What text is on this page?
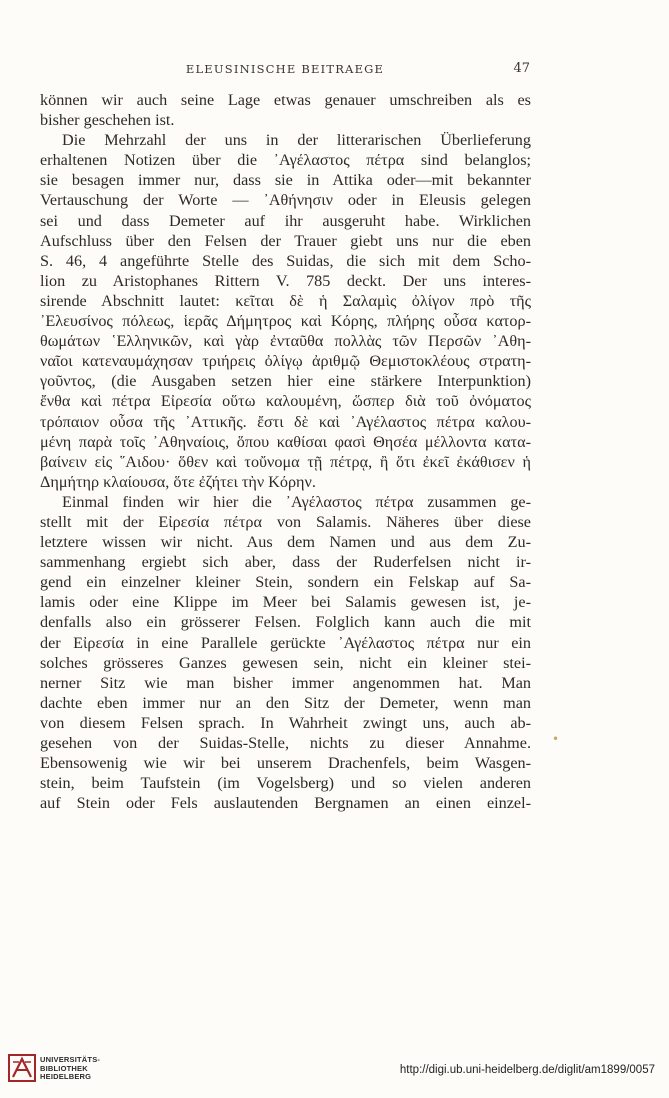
ELEUSINISCHE BEITRAEGE	47
können wir auch seine Lage etwas genauer umschreiben als es
bisher geschehen ist.
Die Mehrzahl der uns in der litterarischen Überlieferung
erhaltenen Notizen über die ᾿Αγέλαστος πέτρα sind belanglos;
sie besagen immer nur, dass sie in Attika oder—mit bekannter
Vertauschung der Worte — ᾿Αθήνησιν oder in Eleusis gelegen
sei und dass Demeter auf ihr ausgeruht habe. Wirklichen
Aufschluss über den Felsen der Trauer giebt uns nur die eben
S. 46, 4 angeführte Stelle des Suidas, die sich mit dem Scho-
lion zu Aristophanes Rittern V. 785 deckt. Der uns interes-
sirende Abschnitt lautet: κεῖται δὲ ἡ Σαλαμὶς ὀλίγον πρὸ τῆς
᾿Ελευσίνος πόλεως, ἱερᾶς Δήμητρος καὶ Κόρης, πλήρης οὖσα κατορ-
θωμάτων ῾Ελληνικῶν, καὶ γὰρ ἐνταῦθα πολλὰς τῶν Περσῶν ᾿Αθη-
ναῖοι κατεναυμάχησαν τριήρεις ὀλίγῳ ἀριθμῷ Θεμιστοκλέους στρατη-
γοῦντος, (die Ausgaben setzen hier eine stärkere Interpunktion)
ἔνθα καὶ πέτρα Εἰρεσία οὕτω καλουμένη, ὥσπερ διὰ τοῦ ὀνόματος
τρόπαιον οὖσα τῆς ᾿Αττικῆς. ἔστι δὲ καὶ ᾿Αγέλαστος πέτρα καλου-
μένη παρὰ τοῖς ᾿Αθηναίοις, ὅπου καθίσαι φασὶ Θησέα μέλλοντα κατα-
βαίνειν εἰς ῞Αιδου· ὅθεν καὶ τοὔνομα τῇ πέτρᾳ, ἢ ὅτι ἐκεῖ ἐκάθισεν ἡ
Δημήτηρ κλαίουσα, ὅτε ἐζήτει τὴν Κόρην.
Einmal finden wir hier die ᾿Αγέλαστος πέτρα zusammen ge-
stellt mit der Εἰρεσία πέτρα von Salamis. Näheres über diese
letztere wissen wir nicht. Aus dem Namen und aus dem Zu-
sammenhang ergiebt sich aber, dass der Ruderfelsen nicht ir-
gend ein einzelner kleiner Stein, sondern ein Felskap auf Sa-
lamis oder eine Klippe im Meer bei Salamis gewesen ist, je-
denfalls also ein grösserer Felsen. Folglich kann auch die mit
der Εἰρεσία in eine Parallele gerückte ᾿Αγέλαστος πέτρα nur ein
solches grösseres Ganzes gewesen sein, nicht ein kleiner stei-
nerner Sitz wie man bisher immer angenommen hat. Man
dachte eben immer nur an den Sitz der Demeter, wenn man
von diesem Felsen sprach. In Wahrheit zwingt uns, auch ab-
gesehen von der Suidas-Stelle, nichts zu dieser Annahme.
Ebensowenig wie wir bei unserem Drachenfels, beim Wasgen-
stein, beim Taufstein (im Vogelsberg) und so vielen anderen
auf Stein oder Fels auslautenden Bergnamen an einen einzel-
•
UNIVERSITÄTS-
BIBLIOTHEK
HEIDELBERG
http://digi.ub.uni-heidelberg.de/diglit/am1899/0057
